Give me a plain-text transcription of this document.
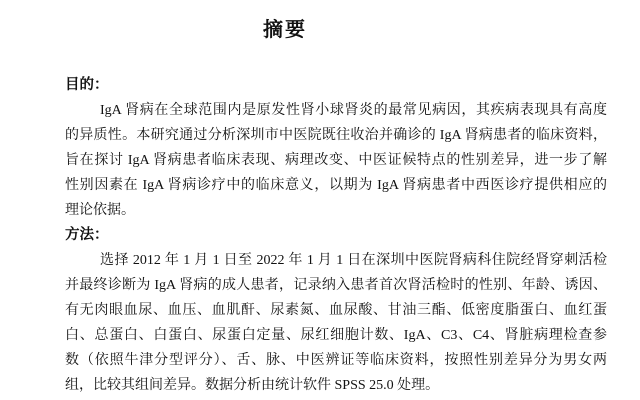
摘要
目的：
IgA 肾病在全球范围内是原发性肾小球肾炎的最常见病因，其疾病表现具有高度
的异质性。本研究通过分析深圳市中医院既往收治并确诊的 IgA 肾病患者的临床资料，
旨在探讨 IgA 肾病患者临床表现、病理改变、中医证候特点的性别差异，进一步了解
性别因素在 IgA 肾病诊疗中的临床意义，以期为 IgA 肾病患者中西医诊疗提供相应的
理论依据。
方法：
选择 2012 年 1 月 1 日至 2022 年 1 月 1 日在深圳中医院肾病科住院经肾穿刺活检
并最终诊断为 IgA 肾病的成人患者，记录纳入患者首次肾活检时的性别、年龄、诱因、
有无肉眼血尿、血压、血肌酐、尿素氮、血尿酸、甘油三酯、低密度脂蛋白、血红蛋
白、总蛋白、白蛋白、尿蛋白定量、尿红细胞计数、IgA、C3、C4、肾脏病理检查参
数（依照牛津分型评分）、舌、脉、中医辨证等临床资料，按照性别差异分为男女两
组，比较其组间差异。数据分析由统计软件 SPSS 25.0 处理。
